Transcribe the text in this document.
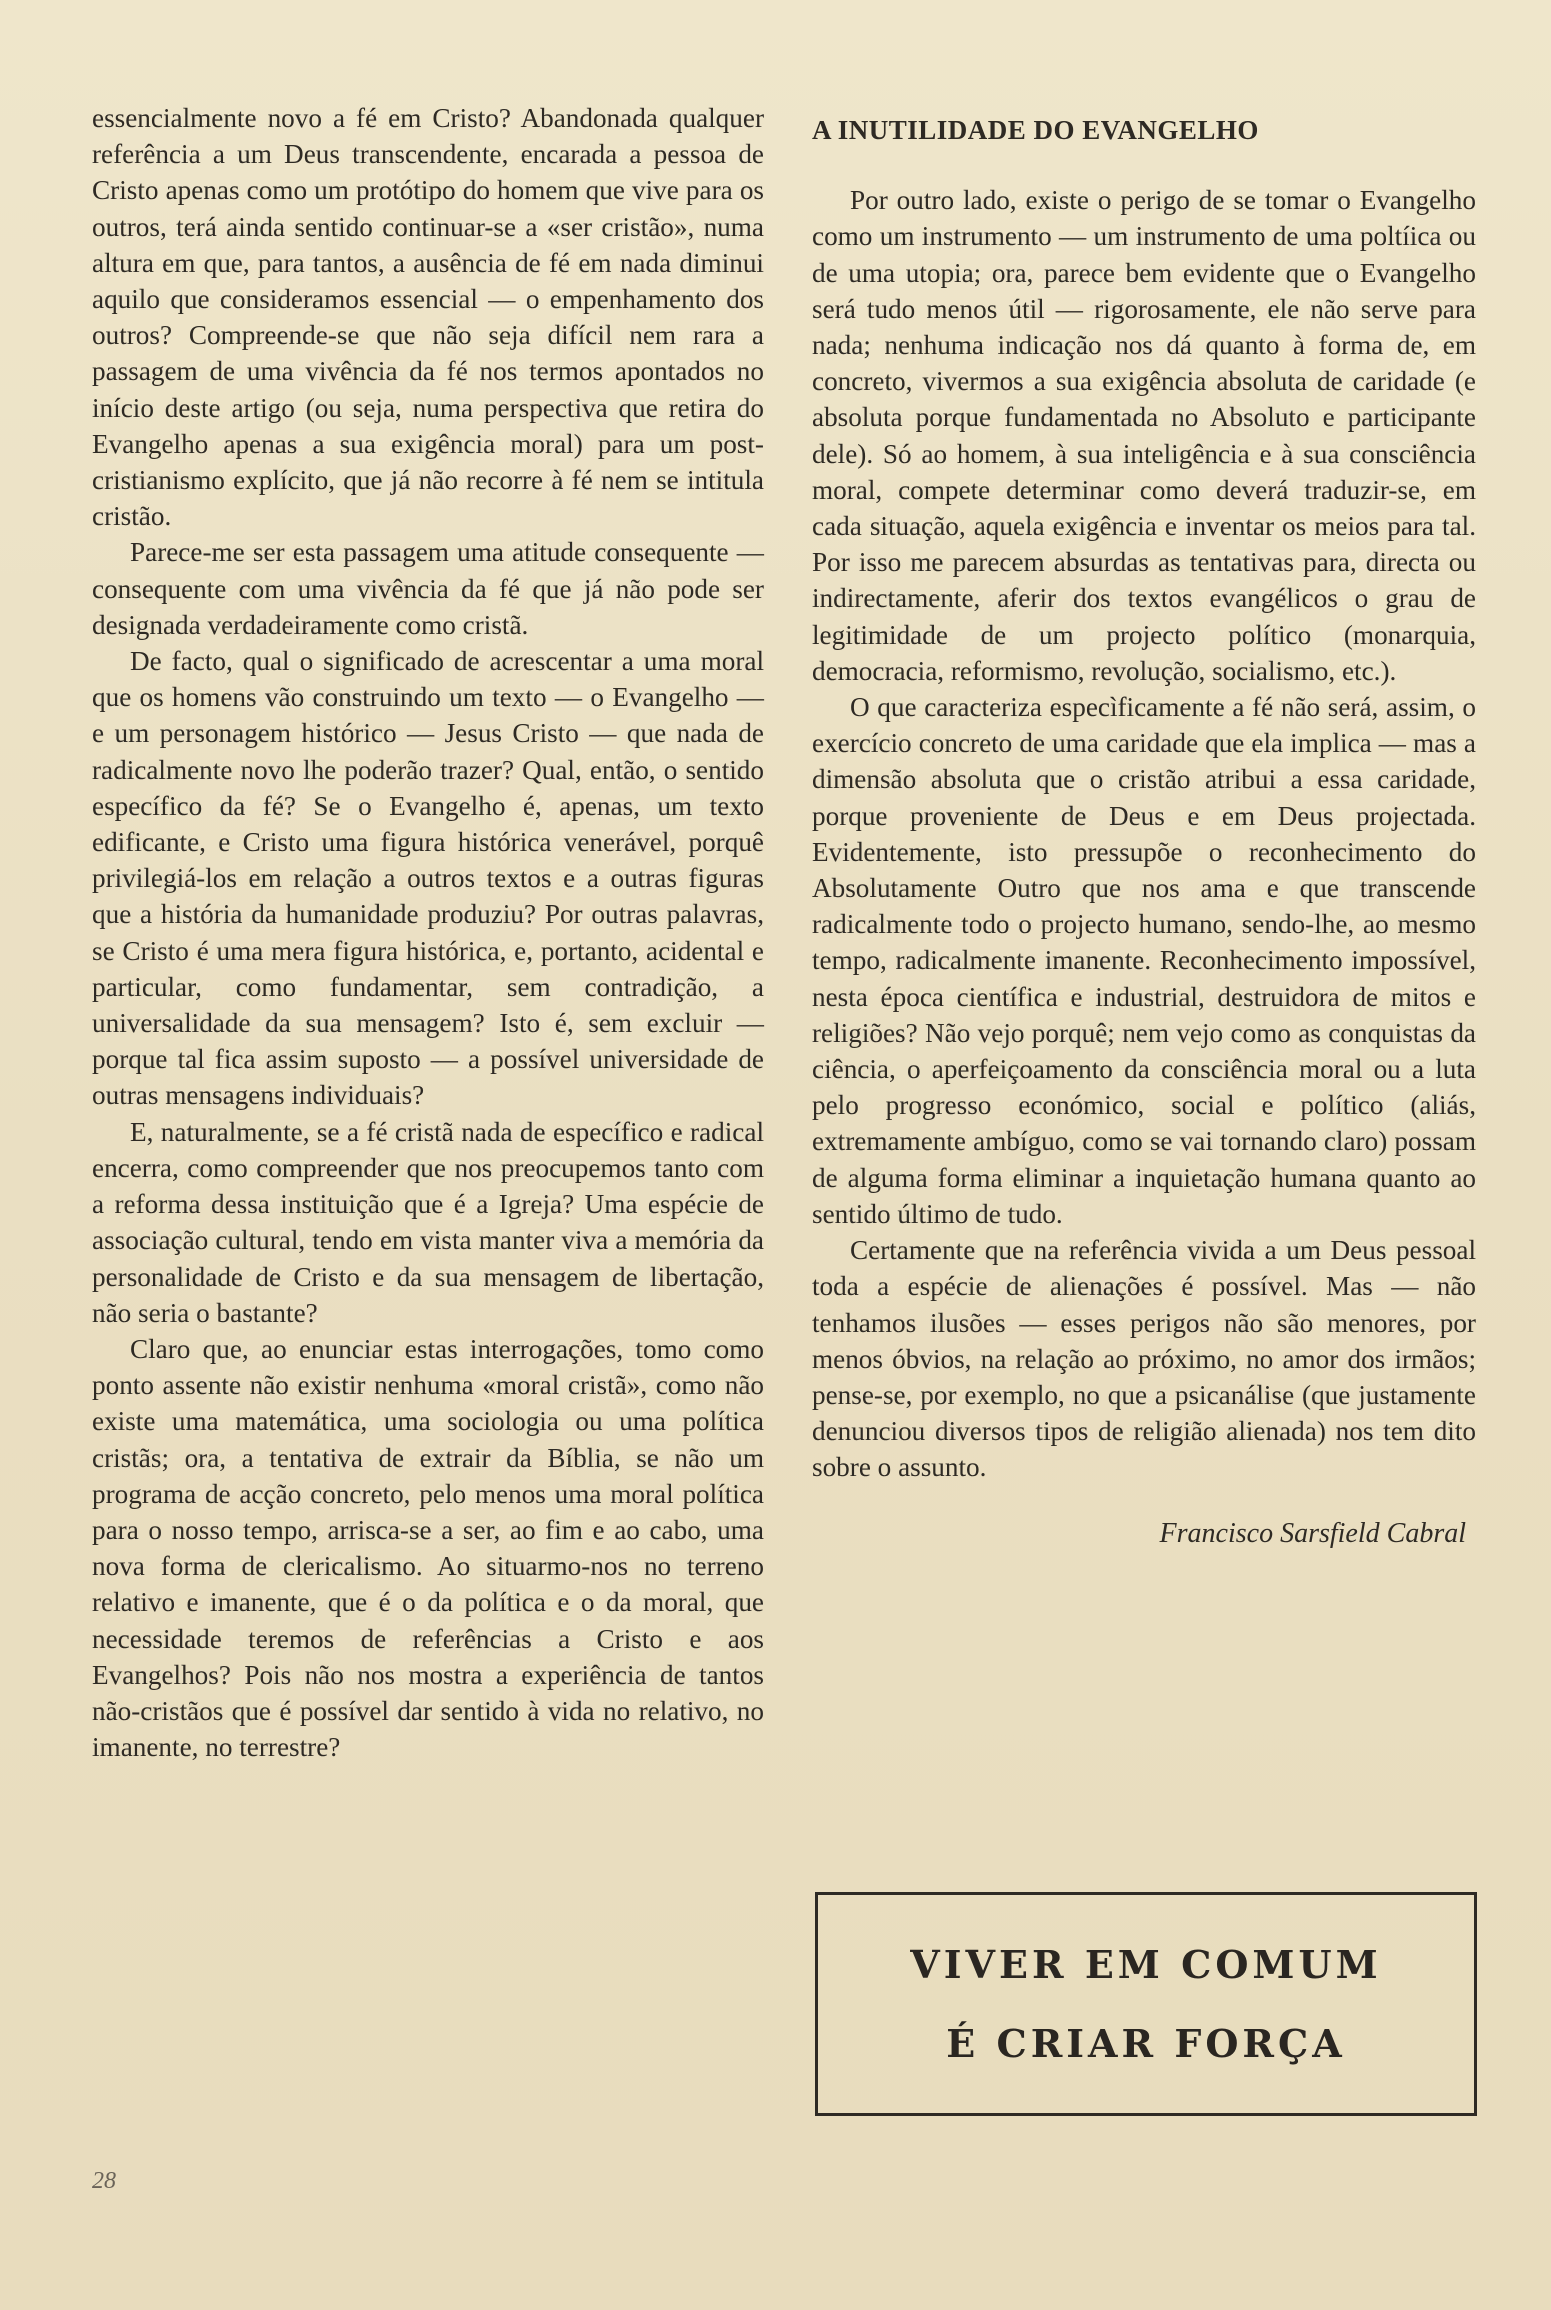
essencialmente novo a fé em Cristo? Abandonada qualquer referência a um Deus transcendente, encarada a pessoa de Cristo apenas como um protótipo do homem que vive para os outros, terá ainda sentido continuar-se a «ser cristão», numa altura em que, para tantos, a ausência de fé em nada diminui aquilo que consideramos essencial — o empenhamento dos outros? Compreende-se que não seja difícil nem rara a passagem de uma vivência da fé nos termos apontados no início deste artigo (ou seja, numa perspectiva que retira do Evangelho apenas a sua exigência moral) para um post-cristianismo explícito, que já não recorre à fé nem se intitula cristão.

Parece-me ser esta passagem uma atitude consequente — consequente com uma vivência da fé que já não pode ser designada verdadeiramente como cristã.

De facto, qual o significado de acrescentar a uma moral que os homens vão construindo um texto — o Evangelho — e um personagem histórico — Jesus Cristo — que nada de radicalmente novo lhe poderão trazer? Qual, então, o sentido específico da fé? Se o Evangelho é, apenas, um texto edificante, e Cristo uma figura histórica venerável, porquê privilegiá-los em relação a outros textos e a outras figuras que a história da humanidade produziu? Por outras palavras, se Cristo é uma mera figura histórica, e, portanto, acidental e particular, como fundamentar, sem contradição, a universalidade da sua mensagem? Isto é, sem excluir — porque tal fica assim suposto — a possível universidade de outras mensagens individuais?

E, naturalmente, se a fé cristã nada de específico e radical encerra, como compreender que nos preocupemos tanto com a reforma dessa instituição que é a Igreja? Uma espécie de associação cultural, tendo em vista manter viva a memória da personalidade de Cristo e da sua mensagem de libertação, não seria o bastante?

Claro que, ao enunciar estas interrogações, tomo como ponto assente não existir nenhuma «moral cristã», como não existe uma matemática, uma sociologia ou uma política cristãs; ora, a tentativa de extrair da Bíblia, se não um programa de acção concreto, pelo menos uma moral política para o nosso tempo, arrisca-se a ser, ao fim e ao cabo, uma nova forma de clericalismo. Ao situarmo-nos no terreno relativo e imanente, que é o da política e o da moral, que necessidade teremos de referências a Cristo e aos Evangelhos? Pois não nos mostra a experiência de tantos não-cristãos que é possível dar sentido à vida no relativo, no imanente, no terrestre?

A INUTILIDADE DO EVANGELHO

Por outro lado, existe o perigo de se tomar o Evangelho como um instrumento — um instrumento de uma poltíica ou de uma utopia; ora, parece bem evidente que o Evangelho será tudo menos útil — rigorosamente, ele não serve para nada; nenhuma indicação nos dá quanto à forma de, em concreto, vivermos a sua exigência absoluta de caridade (e absoluta porque fundamentada no Absoluto e participante dele). Só ao homem, à sua inteligência e à sua consciência moral, compete determinar como deverá traduzir-se, em cada situação, aquela exigência e inventar os meios para tal. Por isso me parecem absurdas as tentativas para, directa ou indirectamente, aferir dos textos evangélicos o grau de legitimidade de um projecto político (monarquia, democracia, reformismo, revolução, socialismo, etc.).

O que caracteriza especìficamente a fé não será, assim, o exercício concreto de uma caridade que ela implica — mas a dimensão absoluta que o cristão atribui a essa caridade, porque proveniente de Deus e em Deus projectada. Evidentemente, isto pressupõe o reconhecimento do Absolutamente Outro que nos ama e que transcende radicalmente todo o projecto humano, sendo-lhe, ao mesmo tempo, radicalmente imanente. Reconhecimento impossível, nesta época científica e industrial, destruidora de mitos e religiões? Não vejo porquê; nem vejo como as conquistas da ciência, o aperfeiçoamento da consciência moral ou a luta pelo progresso económico, social e político (aliás, extremamente ambíguo, como se vai tornando claro) possam de alguma forma eliminar a inquietação humana quanto ao sentido último de tudo.

Certamente que na referência vivida a um Deus pessoal toda a espécie de alienações é possível. Mas — não tenhamos ilusões — esses perigos não são menores, por menos óbvios, na relação ao próximo, no amor dos irmãos; pense-se, por exemplo, no que a psicanálise (que justamente denunciou diversos tipos de religião alienada) nos tem dito sobre o assunto.

Francisco Sarsfield Cabral
VIVER EM COMUM
É CRIAR FORÇA
28
